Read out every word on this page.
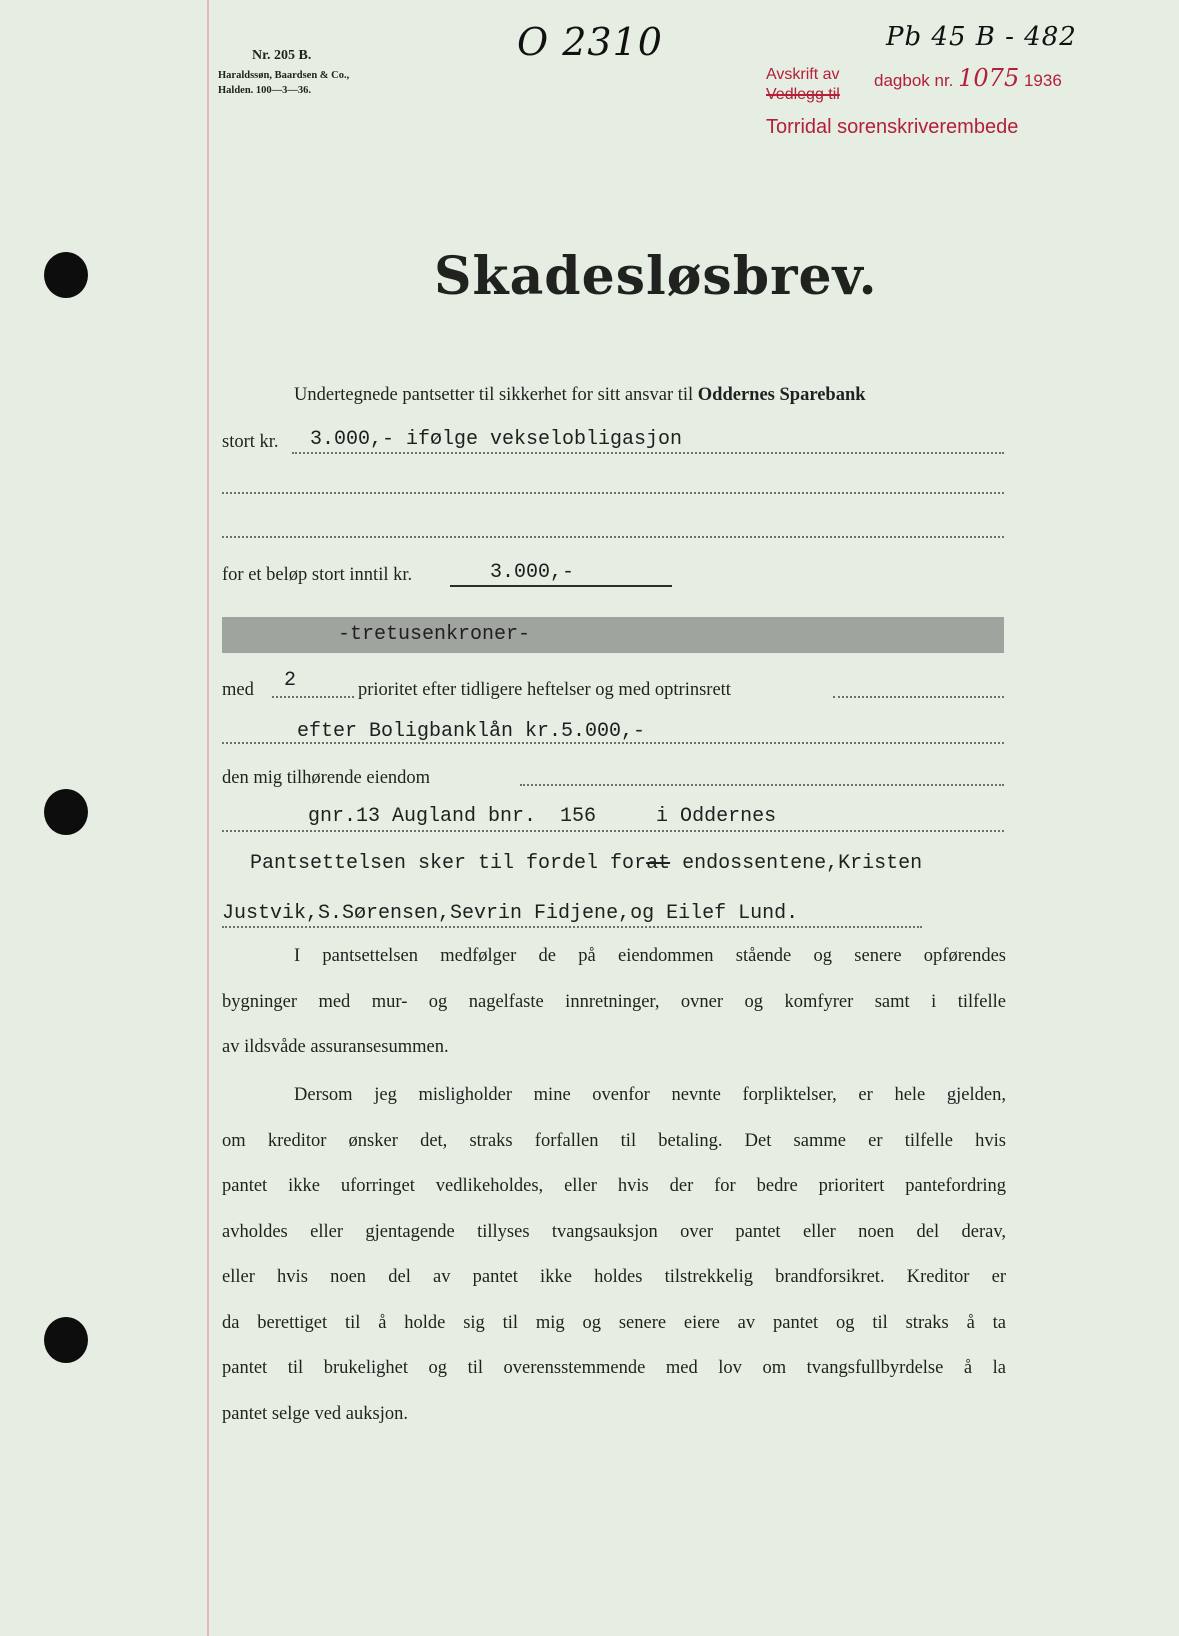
Nr. 205 B.
Haraldssøn, Baardsen & Co.,
Halden. 100—3—36.
O 2310	Pb 45 B - 482
Avskrift av
Vedlegg til
dagbok nr. 1075 1936
Torridal sorenskriverembede
Skadesløsbrev.
Undertegnede pantsetter til sikkerhet for sitt ansvar til Oddernes Sparebank
stort kr. 3.000,- ifølge vekselobligasjon
for et beløp stort inntil kr.	3.000,-
-tretusenkroner-
med 2	prioritet efter tidligere heftelser og med optrinsrett
efter Boligbanklån kr.5.000,-
den mig tilhørende eiendom
gnr.13 Augland bnr.  156     i Oddernes
Pantsettelsen sker til fordel forat endossentene,Kristen
Justvik,S.Sørensen,Sevrin Fidjene,og Eilef Lund.
I pantsettelsen medfølger de på eiendommen stående og senere opførendes
bygninger med mur- og nagelfaste innretninger, ovner og komfyrer samt i tilfelle
av ildsvåde assuransesummen.
Dersom jeg misligholder mine ovenfor nevnte forpliktelser, er hele gjelden,
om kreditor ønsker det, straks forfallen til betaling. Det samme er tilfelle hvis
pantet ikke uforringet vedlikeholdes, eller hvis der for bedre prioritert pantefordring
avholdes eller gjentagende tillyses tvangsauksjon over pantet eller noen del derav,
eller hvis noen del av pantet ikke holdes tilstrekkelig brandforsikret. Kreditor er
da berettiget til å holde sig til mig og senere eiere av pantet og til straks å ta
pantet til brukelighet og til overensstemmende med lov om tvangsfullbyrdelse å la
pantet selge ved auksjon.
